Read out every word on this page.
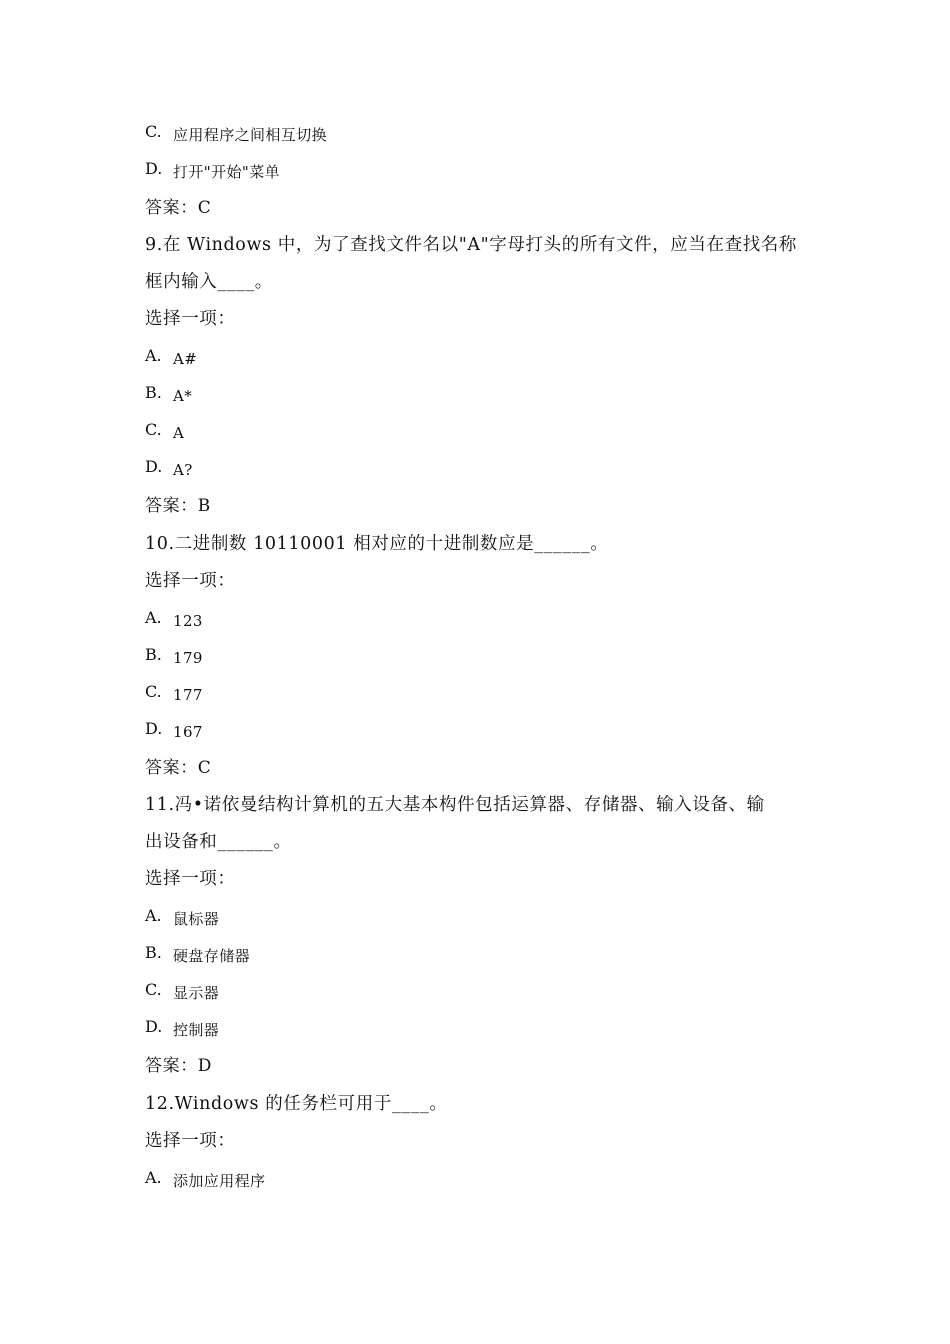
C. 应用程序之间相互切换
D. 打开"开始"菜单
答案：C
9.在 Windows 中，为了查找文件名以"A"字母打头的所有文件，应当在查找名称
框内输入____。
选择一项：
A. A#
B. A*
C. A
D. A?
答案：B
10.二进制数 10110001 相对应的十进制数应是______。
选择一项：
A. 123
B. 179
C. 177
D. 167
答案：C
11.冯•诺依曼结构计算机的五大基本构件包括运算器、存储器、输入设备、输
出设备和______。
选择一项：
A. 鼠标器
B. 硬盘存储器
C. 显示器
D. 控制器
答案：D
12.Windows 的任务栏可用于____。
选择一项：
A. 添加应用程序
